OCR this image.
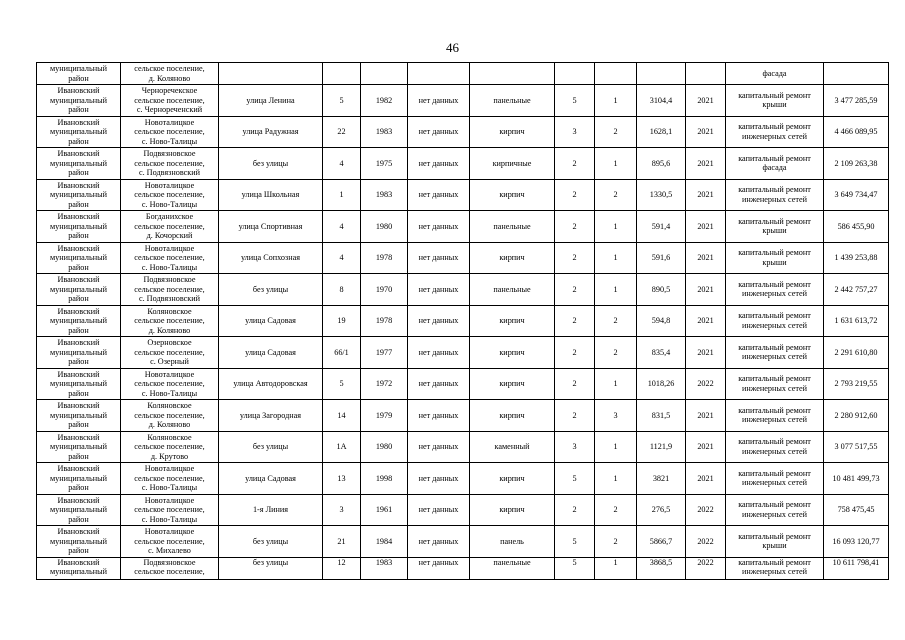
46
муниципальный
район	сельское поселение,
д. Коляново										фасада	
Ивановский
муниципальный
район	Черноречекское
сельское поселение,
с. Чернореченский	улица Ленина	5	1982	нет данных	панельные	5	1	3104,4	2021	капитальный ремонт
крыши	3 477 285,59
Ивановский
муниципальный
район	Новоталицкое
сельское поселение,
с. Ново-Талицы	улица Радужная	22	1983	нет данных	кирпич	3	2	1628,1	2021	капитальный ремонт
инженерных сетей	4 466 089,95
Ивановский
муниципальный
район	Подвязновское
сельское поселение,
с. Подвязновский	без улицы	4	1975	нет данных	кирпичные	2	1	895,6	2021	капитальный ремонт
фасада	2 109 263,38
Ивановский
муниципальный
район	Новоталицкое
сельское поселение,
с. Ново-Талицы	улица Школьная	1	1983	нет данных	кирпич	2	2	1330,5	2021	капитальный ремонт
инженерных сетей	3 649 734,47
Ивановский
муниципальный
район	Богданихское
сельское поселение,
д. Кочорский	улица Спортивная	4	1980	нет данных	панельные	2	1	591,4	2021	капитальный ремонт
крыши	586 455,90
Ивановский
муниципальный
район	Новоталицкое
сельское поселение,
с. Ново-Талицы	улица Сопхозная	4	1978	нет данных	кирпич	2	1	591,6	2021	капитальный ремонт
крыши	1 439 253,88
Ивановский
муниципальный
район	Подвязновское
сельское поселение,
с. Подвязновский	без улицы	8	1970	нет данных	панельные	2	1	890,5	2021	капитальный ремонт
инженерных сетей	2 442 757,27
Ивановский
муниципальный
район	Коляновское
сельское поселение,
д. Коляново	улица Садовая	19	1978	нет данных	кирпич	2	2	594,8	2021	капитальный ремонт
инженерных сетей	1 631 613,72
Ивановский
муниципальный
район	Озерновское
сельское поселение,
с. Озерный	улица Садовая	66/1	1977	нет данных	кирпич	2	2	835,4	2021	капитальный ремонт
инженерных сетей	2 291 610,80
Ивановский
муниципальный
район	Новоталицкое
сельское поселение,
с. Ново-Талицы	улица Автодоровская	5	1972	нет данных	кирпич	2	1	1018,26	2022	капитальный ремонт
инженерных сетей	2 793 219,55
Ивановский
муниципальный
район	Коляновское
сельское поселение,
д. Коляново	улица Загородная	14	1979	нет данных	кирпич	2	3	831,5	2021	капитальный ремонт
инженерных сетей	2 280 912,60
Ивановский
муниципальный
район	Коляновское
сельское поселение,
д. Крутово	без улицы	1А	1980	нет данных	каменный	3	1	1121,9	2021	капитальный ремонт
инженерных сетей	3 077 517,55
Ивановский
муниципальный
район	Новоталицкое
сельское поселение,
с. Ново-Талицы	улица Садовая	13	1998	нет данных	кирпич	5	1	3821	2021	капитальный ремонт
инженерных сетей	10 481 499,73
Ивановский
муниципальный
район	Новоталицкое
сельское поселение,
с. Ново-Талицы	1-я Линия	3	1961	нет данных	кирпич	2	2	276,5	2022	капитальный ремонт
инженерных сетей	758 475,45
Ивановский
муниципальный
район	Новоталицкое
сельское поселение,
с. Михалево	без улицы	21	1984	нет данных	панель	5	2	5866,7	2022	капитальный ремонт
крыши	16 093 120,77
Ивановский
муниципальный	Подвязновское
сельское поселение,	без улицы	12	1983	нет данных	панельные	5	1	3868,5	2022	капитальный ремонт
инженерных сетей	10 611 798,41
